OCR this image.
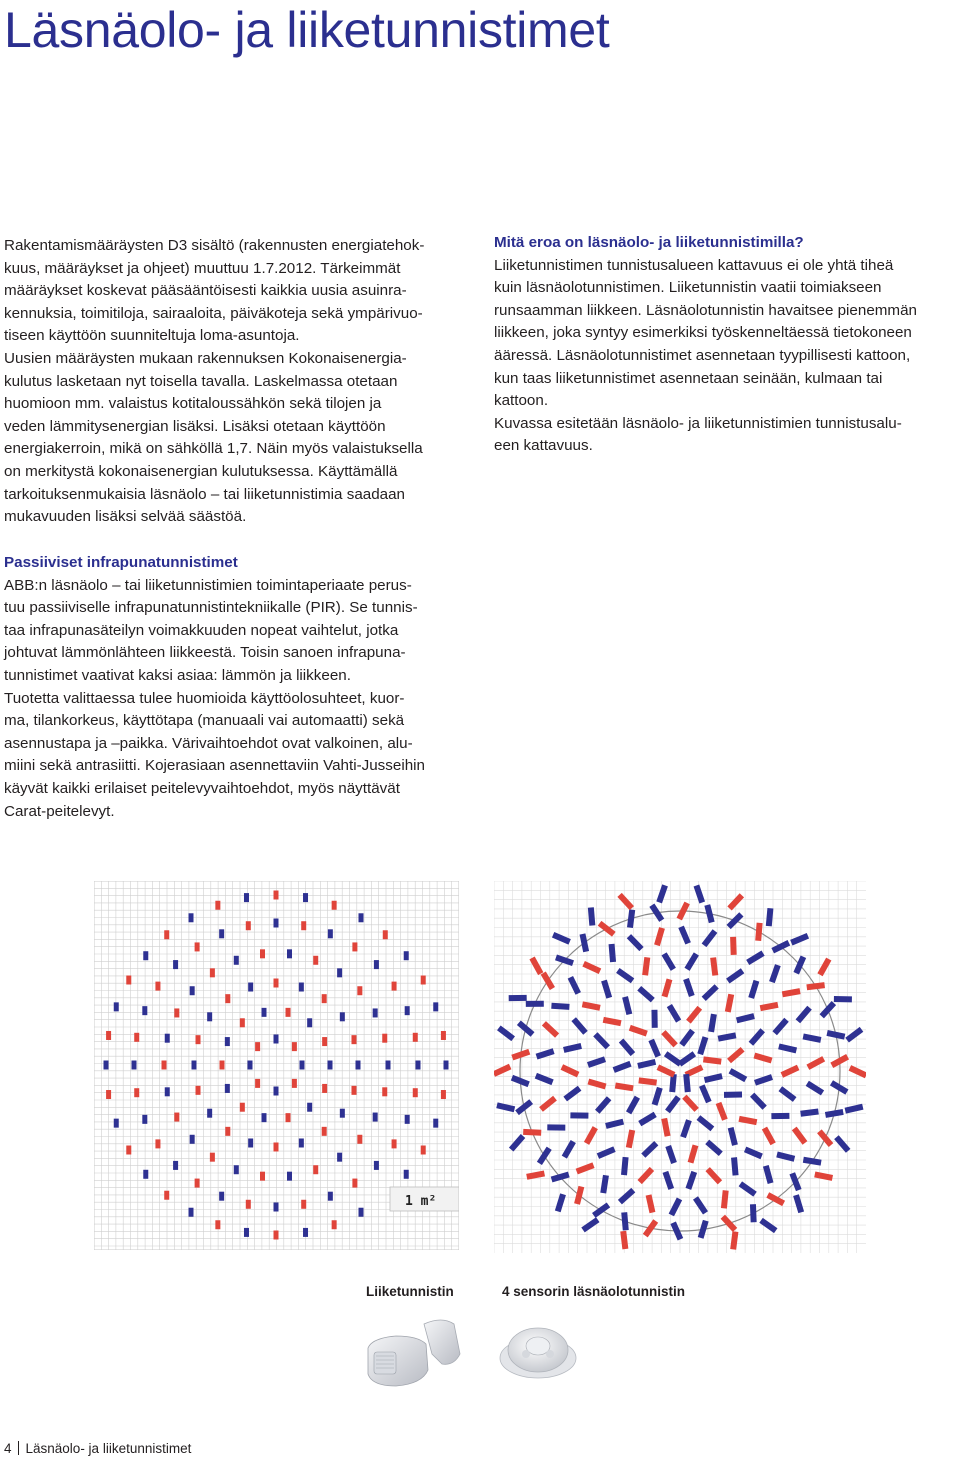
Läsnäolo- ja liiketunnistimet

Rakentamismääräysten D3 sisältö (rakennusten energiatehok-

kuus, määräykset ja ohjeet) muuttuu 1.7.2012. Tärkeimmät

määräykset koskevat pääsääntöisesti kaikkia uusia asuinra-

kennuksia, toimitiloja, sairaaloita, päiväkoteja sekä ympärivuo-

tiseen käyttöön suunniteltuja loma-asuntoja.

Uusien määräysten mukaan rakennuksen Kokonaisenergia-

kulutus lasketaan nyt toisella tavalla. Laskelmassa otetaan

huomioon mm. valaistus kotitaloussähkön sekä tilojen ja

veden lämmitysenergian lisäksi. Lisäksi otetaan käyttöön

energiakerroin, mikä on sähköllä 1,7. Näin myös valaistuksella

on merkitystä kokonaisenergian kulutuksessa. Käyttämällä

tarkoituksenmukaisia läsnäolo – tai liiketunnistimia saadaan

mukavuuden lisäksi selvää säästöä.

Passiiviset infrapunatunnistimet

ABB:n läsnäolo – tai liiketunnistimien toimintaperiaate perus-

tuu passiiviselle infrapunatunnistintekniikalle (PIR). Se tunnis-

taa infrapunasäteilyn voimakkuuden nopeat vaihtelut, jotka

johtuvat lämmönlähteen liikkeestä. Toisin sanoen infrapuna-

tunnistimet vaativat kaksi asiaa: lämmön ja liikkeen.

Tuotetta valittaessa tulee huomioida käyttöolosuhteet, kuor-

ma, tilankorkeus, käyttötapa (manuaali vai automaatti) sekä

asennustapa ja –paikka. Värivaihtoehdot ovat valkoinen, alu-

miini sekä antrasiitti. Kojerasiaan asennettaviin Vahti-Jusseihin

käyvät kaikki erilaiset peitelevyvaihtoehdot, myös näyttävät

Carat-peitelevyt.

Mitä eroa on läsnäolo- ja liiketunnistimilla?

Liiketunnistimen tunnistusalueen kattavuus ei ole yhtä tiheä

kuin läsnäolotunnistimen. Liiketunnistin vaatii toimiakseen

runsaamman liikkeen. Läsnäolotunnistin havaitsee pienemmän

liikkeen, joka syntyy esimerkiksi työskenneltäessä tietokoneen

ääressä. Läsnäolotunnistimet asennetaan tyypillisesti kattoon,

kun taas liiketunnistimet asennetaan seinään, kulmaan tai

kattoon.

Kuvassa esitetään läsnäolo- ja liiketunnistimien tunnistusalu-

een kattavuus.

1 m²
Liiketunnistin	4 sensorin läsnäolotunnistin
4 Läsnäolo- ja liiketunnistimet
